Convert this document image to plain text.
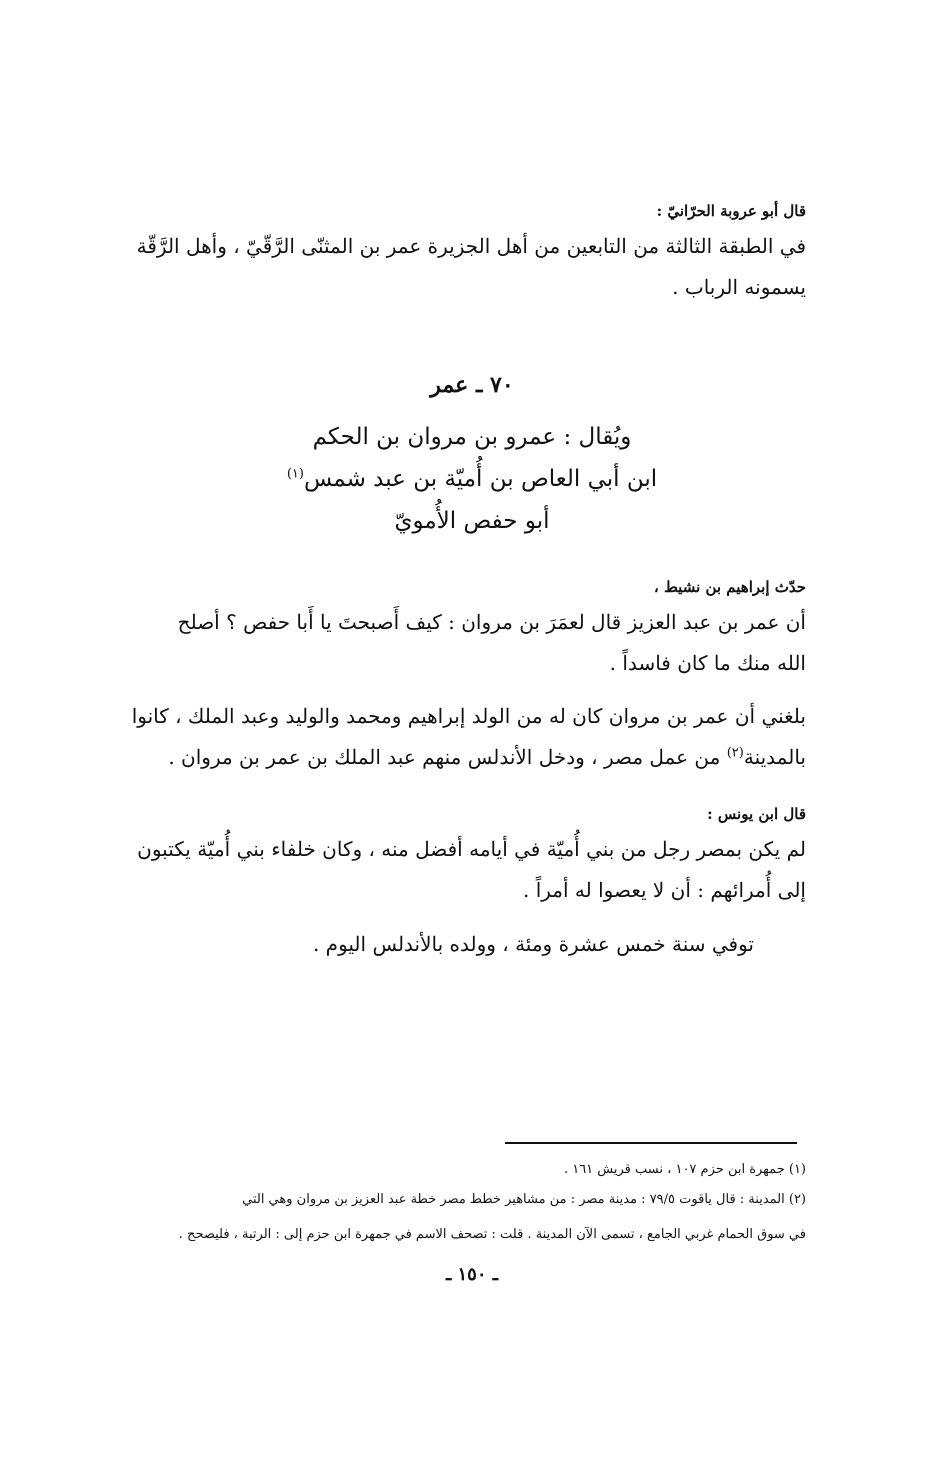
قال أبو عروبة الحرّانيّ :
في الطبقة الثالثة من التابعين من أهل الجزيرة عمر بن المثنّى الرَّقّيّ ، وأهل الرَّقّة
يسمونه الرباب .
٧٠ ـ عمر
ويُقال : عمرو بن مروان بن الحكم
ابن أبي العاص بن أُميّة بن عبد شمس$^{(١)}$
أبو حفص الأُمويّ
حدّث إبراهيم بن نشيط ،
أن عمر بن عبد العزيز قال لعمَرَ بن مروان : كيف أَصبحتَ يا أَبا حفص ؟ أصلح
الله منك ما كان فاسداً .
بلغني أن عمر بن مروان كان له من الولد إبراهيم ومحمد والوليد وعبد الملك ، كانوا
بالمدينة$^{(٢)}$ من عمل مصر ، ودخل الأندلس منهم عبد الملك بن عمر بن مروان .
قال ابن يونس :
لم يكن بمصر رجل من بني أُميّة في أيامه أفضل منه ، وكان خلفاء بني أُميّة يكتبون
إلى أُمرائهم : أن لا يعصوا له أمراً .
توفي سنة خمس عشرة ومئة ، وولده بالأندلس اليوم .
(١) جمهرة ابن حزم ١٠٧ ، نسب قريش ١٦١ .
(٢) المدينة : قال ياقوت ٧٩/٥ : مدينة مصر : من مشاهير خطط مصر خطة عبد العزيز بن مروان وهي التي
في سوق الحمام غربي الجامع ، تسمى الآن المدينة . قلت : تصحف الاسم في جمهرة ابن حزم إلى : الرتبة ، فليصحح .
ـ ١٥٠ ـ
